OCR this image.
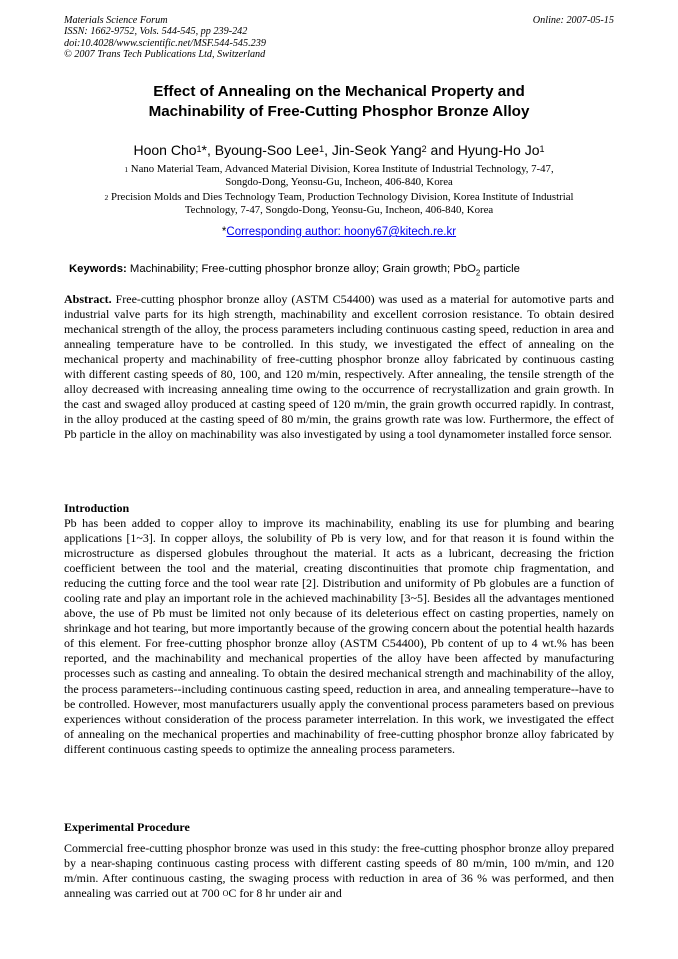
Materials Science Forum
ISSN: 1662-9752, Vols. 544-545, pp 239-242
doi:10.4028/www.scientific.net/MSF.544-545.239
© 2007 Trans Tech Publications Ltd, Switzerland
Online: 2007-05-15
Effect of Annealing on the Mechanical Property and
Machinability of Free-Cutting Phosphor Bronze Alloy
Hoon Cho$^1$*, Byoung-Soo Lee$^1$, Jin-Seok Yang$^2$ and Hyung-Ho Jo$^1$
$^1$ Nano Material Team, Advanced Material Division, Korea Institute of Industrial Technology, 7-47,
Songdo-Dong, Yeonsu-Gu, Incheon, 406-840, Korea
$^2$ Precision Molds and Dies Technology Team, Production Technology Division, Korea Institute of Industrial
Technology, 7-47, Songdo-Dong, Yeonsu-Gu, Incheon, 406-840, Korea
*Corresponding author: hoony67@kitech.re.kr
Keywords: Machinability; Free-cutting phosphor bronze alloy; Grain growth; PbO$_2$ particle
Abstract. Free-cutting phosphor bronze alloy (ASTM C54400) was used as a material for automotive parts and industrial valve parts for its high strength, machinability and excellent corrosion resistance. To obtain desired mechanical strength of the alloy, the process parameters including continuous casting speed, reduction in area and annealing temperature have to be controlled. In this study, we investigated the effect of annealing on the mechanical property and machinability of free-cutting phosphor bronze alloy fabricated by continuous casting with different casting speeds of 80, 100, and 120 m/min, respectively. After annealing, the tensile strength of the alloy decreased with increasing annealing time owing to the occurrence of recrystallization and grain growth. In the cast and swaged alloy produced at casting speed of 120 m/min, the grain growth occurred rapidly. In contrast, in the alloy produced at the casting speed of 80 m/min, the grains growth rate was low. Furthermore, the effect of Pb particle in the alloy on machinability was also investigated by using a tool dynamometer installed force sensor.
Introduction
Pb has been added to copper alloy to improve its machinability, enabling its use for plumbing and bearing applications [1~3]. In copper alloys, the solubility of Pb is very low, and for that reason it is found within the microstructure as dispersed globules throughout the material. It acts as a lubricant, decreasing the friction coefficient between the tool and the material, creating discontinuities that promote chip fragmentation, and reducing the cutting force and the tool wear rate [2]. Distribution and uniformity of Pb globules are a function of cooling rate and play an important role in the achieved machinability [3~5]. Besides all the advantages mentioned above, the use of Pb must be limited not only because of its deleterious effect on casting properties, namely on shrinkage and hot tearing, but more importantly because of the growing concern about the potential health hazards of this element. For free-cutting phosphor bronze alloy (ASTM C54400), Pb content of up to 4 wt.% has been reported, and the machinability and mechanical properties of the alloy have been affected by manufacturing processes such as casting and annealing. To obtain the desired mechanical strength and machinability of the alloy, the process parameters--including continuous casting speed, reduction in area, and annealing temperature--have to be controlled. However, most manufacturers usually apply the conventional process parameters based on previous experiences without consideration of the process parameter interrelation. In this work, we investigated the effect of annealing on the mechanical properties and machinability of free-cutting phosphor bronze alloy fabricated by different continuous casting speeds to optimize the annealing process parameters.
Experimental Procedure
Commercial free-cutting phosphor bronze was used in this study: the free-cutting phosphor bronze alloy prepared by a near-shaping continuous casting process with different casting speeds of 80 m/min, 100 m/min, and 120 m/min. After continuous casting, the swaging process with reduction in area of 36 % was performed, and then annealing was carried out at 700 $^O$C for 8 hr under air and
